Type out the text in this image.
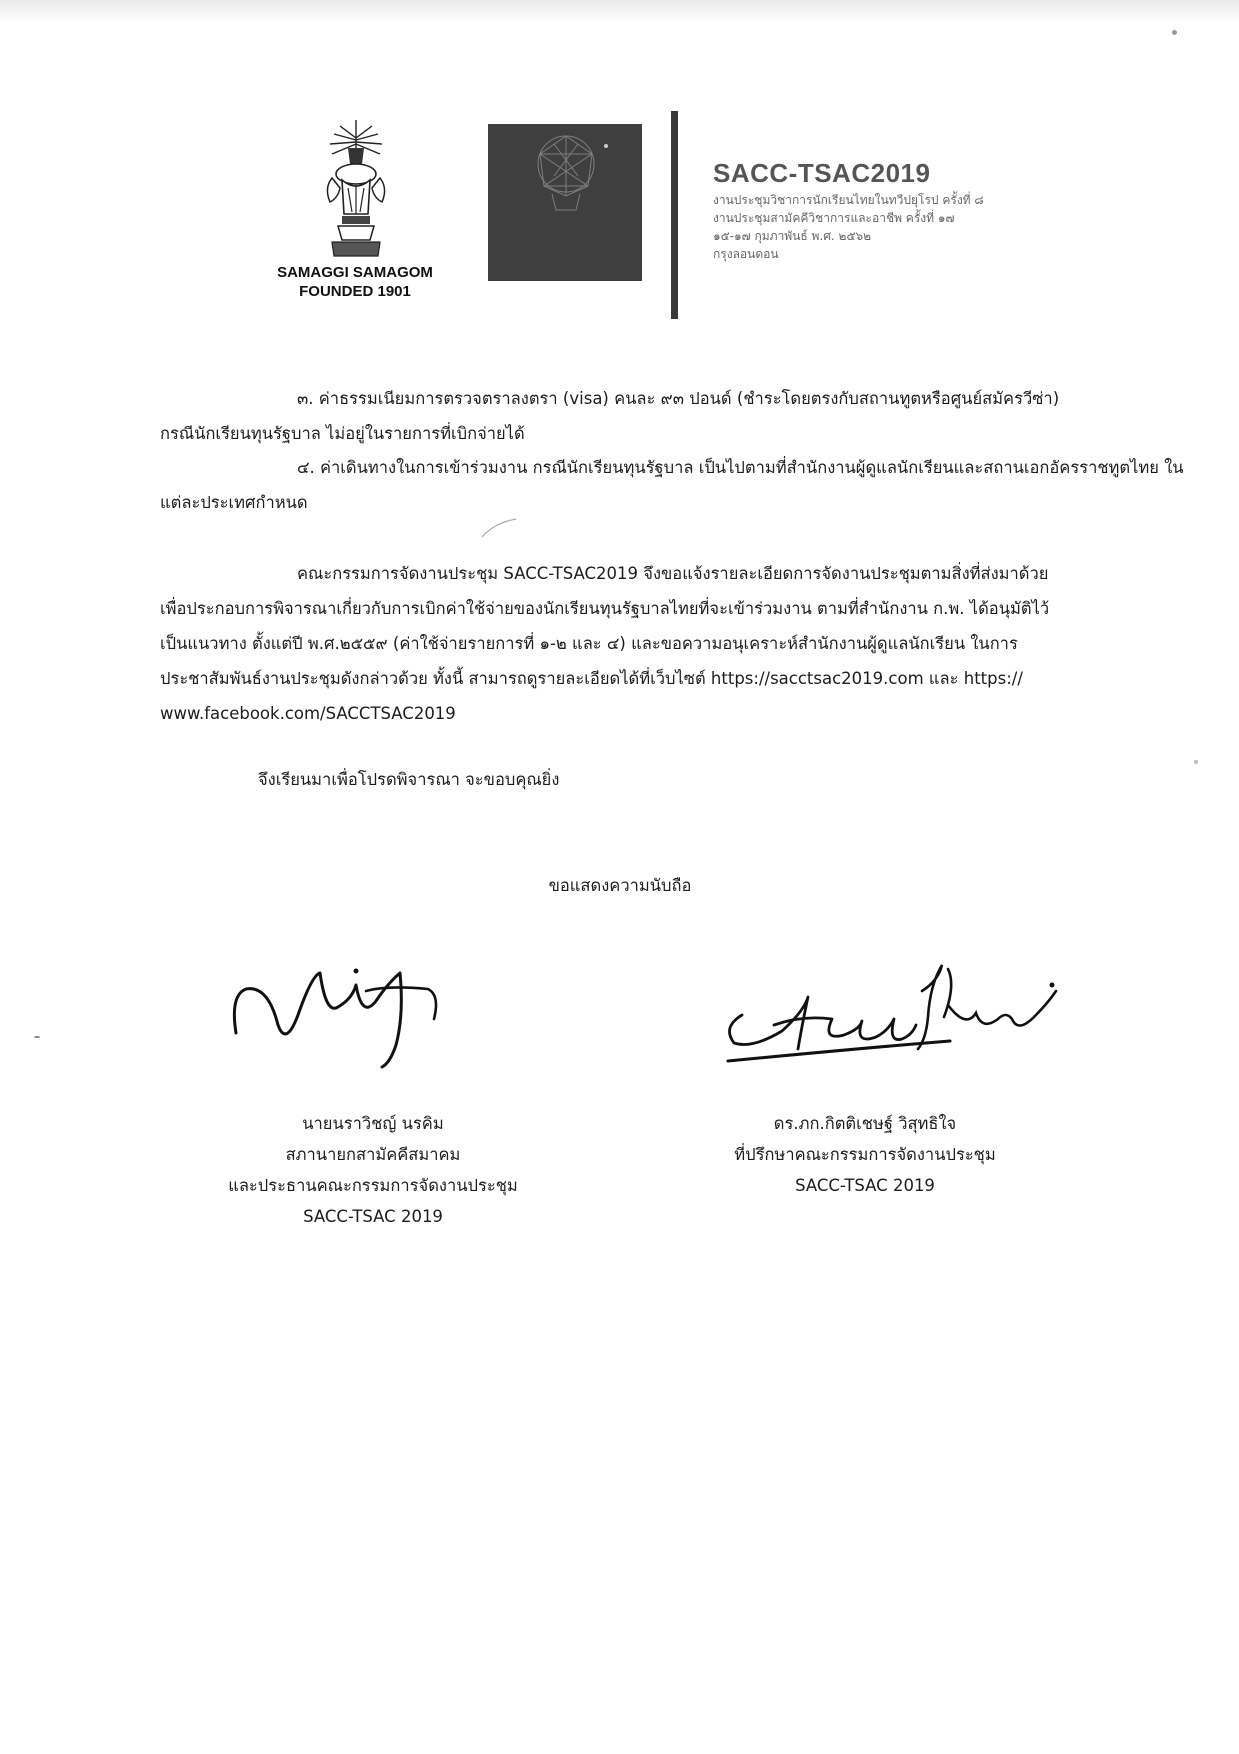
SAMAGGI SAMAGOM
FOUNDED 1901
SACC-TSAC2019
งานประชุมวิชาการนักเรียนไทยในทวีปยุโรป ครั้งที่ ๘
งานประชุมสามัคคีวิชาการและอาชีพ ครั้งที่ ๑๗
๑๕-๑๗ กุมภาพันธ์ พ.ศ. ๒๕๖๒
กรุงลอนดอน
๓. ค่าธรรมเนียมการตรวจตราลงตรา (visa) คนละ ๙๓ ปอนด์ (ชำระโดยตรงกับสถานทูตหรือศูนย์สมัครวีซ่า)
กรณีนักเรียนทุนรัฐบาล ไม่อยู่ในรายการที่เบิกจ่ายได้
๔. ค่าเดินทางในการเข้าร่วมงาน กรณีนักเรียนทุนรัฐบาล เป็นไปตามที่สำนักงานผู้ดูแลนักเรียนและสถานเอกอัครราชทูตไทย ใน
แต่ละประเทศกำหนด
คณะกรรมการจัดงานประชุม SACC-TSAC2019 จึงขอแจ้งรายละเอียดการจัดงานประชุมตามสิ่งที่ส่งมาด้วย
เพื่อประกอบการพิจารณาเกี่ยวกับการเบิกค่าใช้จ่ายของนักเรียนทุนรัฐบาลไทยที่จะเข้าร่วมงาน ตามที่สำนักงาน ก.พ. ได้อนุมัติไว้
เป็นแนวทาง ตั้งแต่ปี พ.ศ.๒๕๕๙ (ค่าใช้จ่ายรายการที่ ๑-๒ และ ๔) และขอความอนุเคราะห์สำนักงานผู้ดูแลนักเรียน ในการ
ประชาสัมพันธ์งานประชุมดังกล่าวด้วย ทั้งนี้ สามารถดูรายละเอียดได้ที่เว็บไซต์ https://sacctsac2019.com และ https://
www.facebook.com/SACCTSAC2019
จึงเรียนมาเพื่อโปรดพิจารณา จะขอบคุณยิ่ง
ขอแสดงความนับถือ
นายนราวิชญ์ นรคิม
สภานายกสามัคคีสมาคม
และประธานคณะกรรมการจัดงานประชุม
SACC-TSAC 2019
ดร.ภก.กิตติเชษฐ์ วิสุทธิใจ
ที่ปรึกษาคณะกรรมการจัดงานประชุม
SACC-TSAC 2019
